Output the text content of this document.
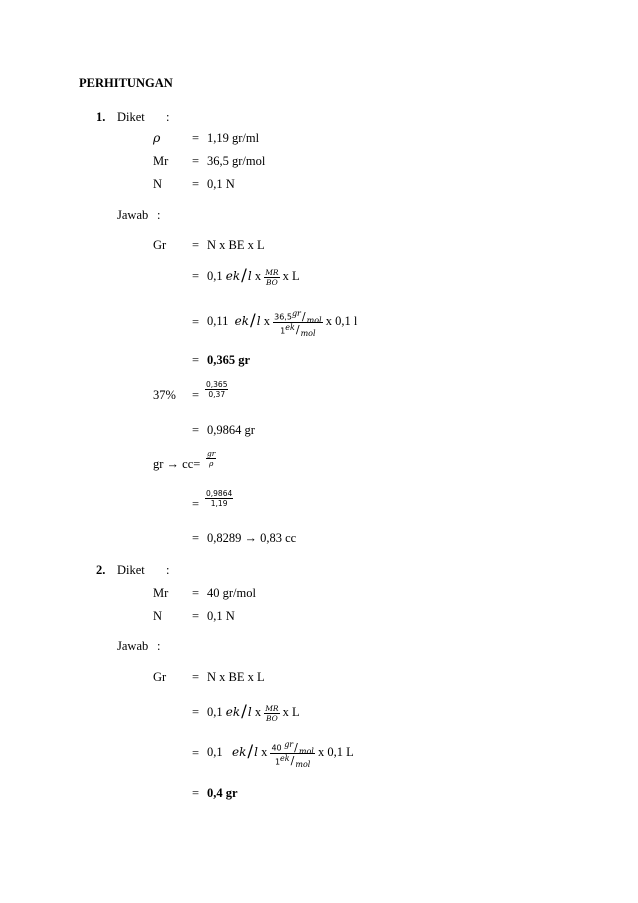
PERHITUNGAN
1. Diket :
ρ	= 1,19 gr/ml
Mr = 36,5 gr/mol
N = 0,1 N
Jawab :
Gr = N x BE x L
= 0,1 ek/l x $\frac{MR}{BO}$ x L
= 0,11 ek/l x $\frac{\text{36,5gr/mol}}{\text{1ek/mol}}$ x 0,1 l
= 0,365 gr
$37\% = \frac{0,365}{0,37}$
= 0,9864 gr
gr → $cc= \frac{gr}{\rho}$
= $\frac{0,9864}{1,19}$
= 0,8289 → 0,83 cc
2. Diket :
Mr = 40 gr/mol
N = 0,1 N
Jawab :
Gr = N x BE x L
= 0,1 ek/l x $\frac{MR}{BO}$ x L
= 0,1 ek/l x $\frac{\text{40 gr/mol}}{\text{1ek/mol}}$ x 0,1 L
= 0,4 gr
